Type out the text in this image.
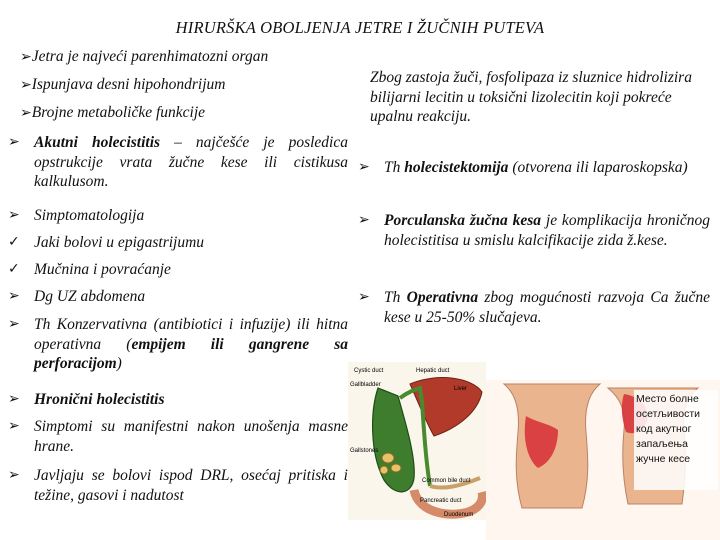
HIRURŠKA OBOLJENJA JETRE I ŽUČNIH PUTEVA
➢Jetra je najveći parenhimatozni organ
➢Ispunjava desni hipohondrijum
➢Brojne metaboličke funkcije
➢ Akutni holecistitis – najčešće je posledica opstrukcije vrata žučne kese ili cistikusa kalkulusom.
➢ Simptomatologija
✓ Jaki bolovi u epigastrijumu
✓ Mučnina i povraćanje
➢ Dg UZ abdomena
➢ Th Konzervativna (antibiotici i infuzije) ili hitna operativna (empijem ili gangrene sa perforacijom)
➢ Hronični holecistitis
➢ Simptomi su manifestni nakon unošenja masne hrane.
➢ Javljaju se bolovi ispod DRL, osećaj pritiska i težine, gasovi i nadutost
Zbog zastoja žuči, fosfolipaza iz sluznice hidrolizira bilijarni lecitin u toksični lizolecitin koji pokreće upalnu reakciju.
➢ Th holecistektomija (otvorena ili laparoskopska)
➢ Porculanska žučna kesa je komplikacija hroničnog holecistitisa u smislu kalcifikacije zida ž.kese.
➢ Th Operativna zbog mogućnosti razvoja Ca žučne kese u 25-50% slučajeva.
Cystic duct	Hepatic duct
Gallbladder
Liver
Gallstones
Common bile duct
Pancreatic duct
Duodenum
Место болне осетљивости код акутног запаљења жучне кесе
